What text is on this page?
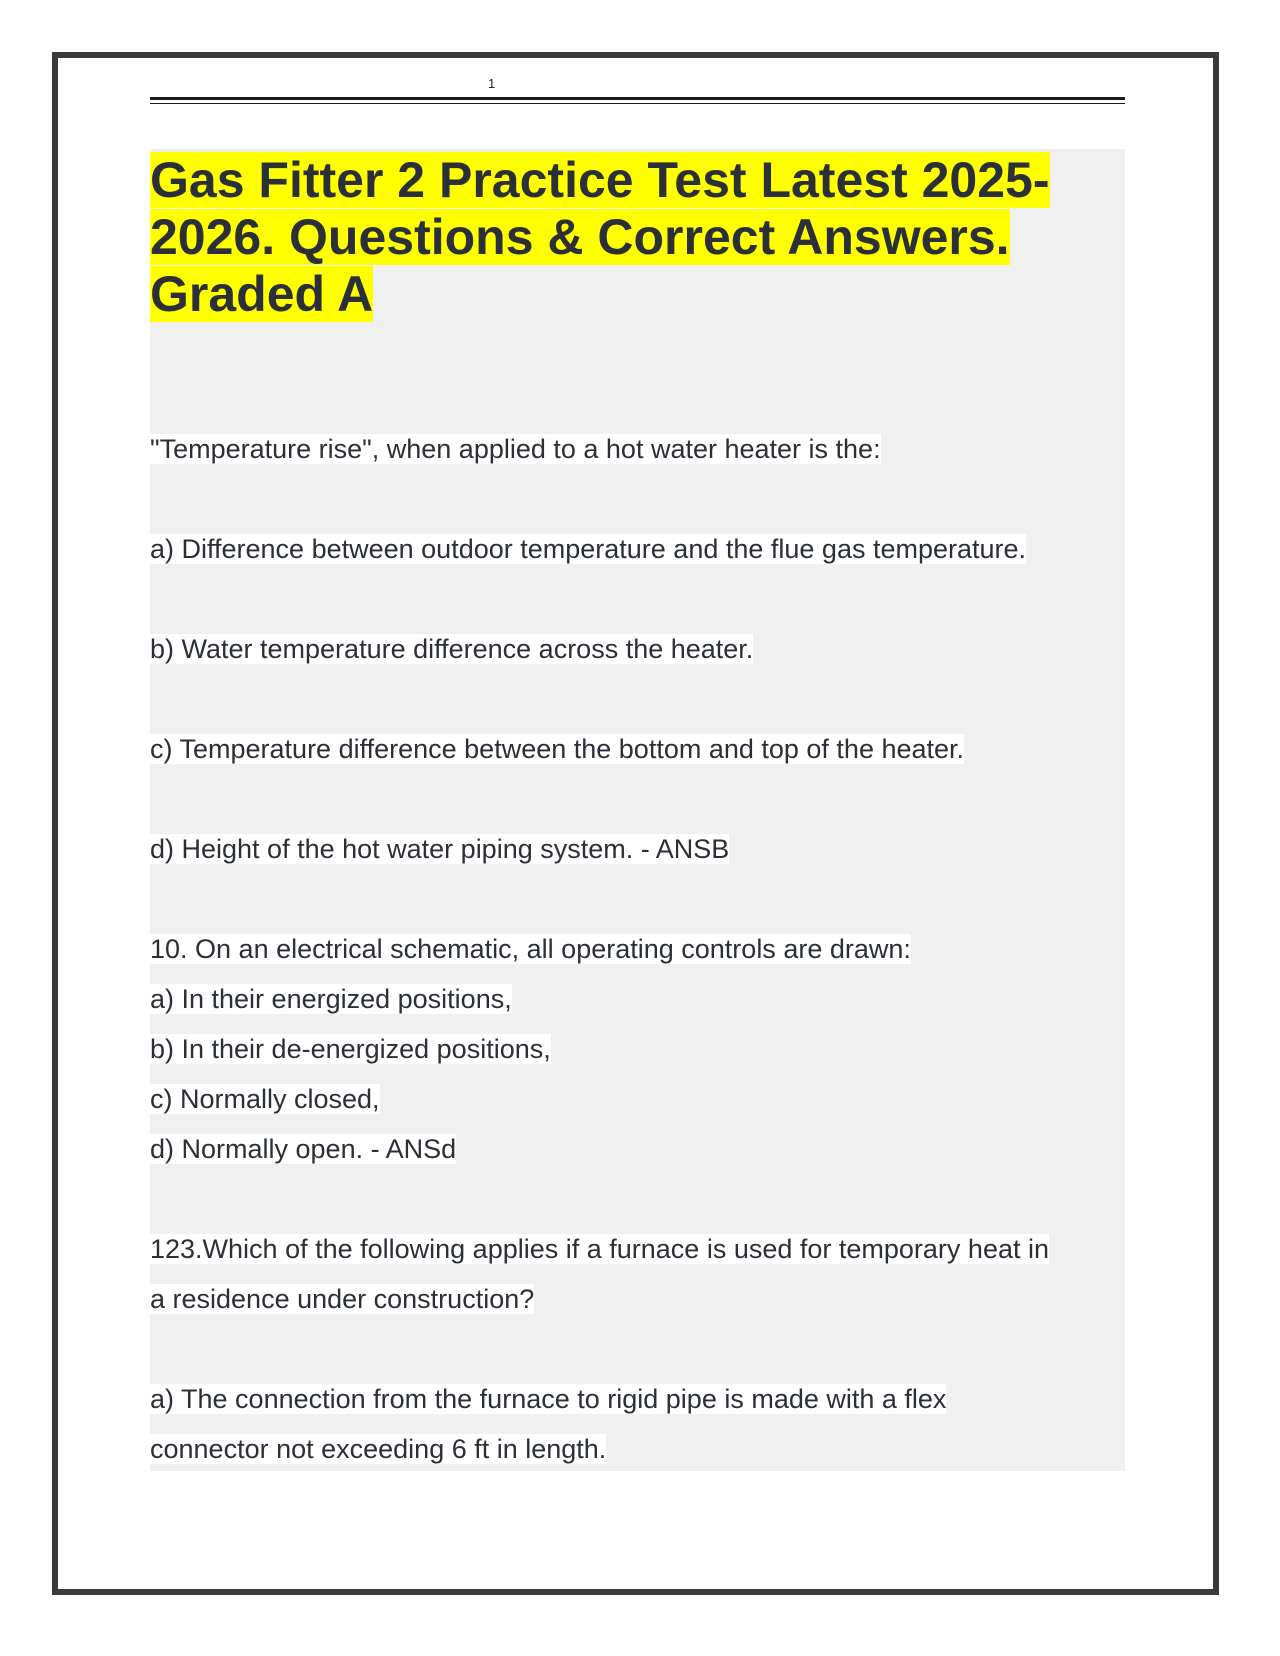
1
Gas Fitter 2 Practice Test Latest 2025-2026. Questions & Correct Answers. Graded A

"Temperature rise", when applied to a hot water heater is the:

a) Difference between outdoor temperature and the flue gas temperature.

b) Water temperature difference across the heater.

c) Temperature difference between the bottom and top of the heater.

d) Height of the hot water piping system. - ANSB

10. On an electrical schematic, all operating controls are drawn:

a) In their energized positions,

b) In their de-energized positions,

c) Normally closed,

d) Normally open. - ANSd

123.Which of the following applies if a furnace is used for temporary heat in

a residence under construction?

a) The connection from the furnace to rigid pipe is made with a flex

connector not exceeding 6 ft in length.
